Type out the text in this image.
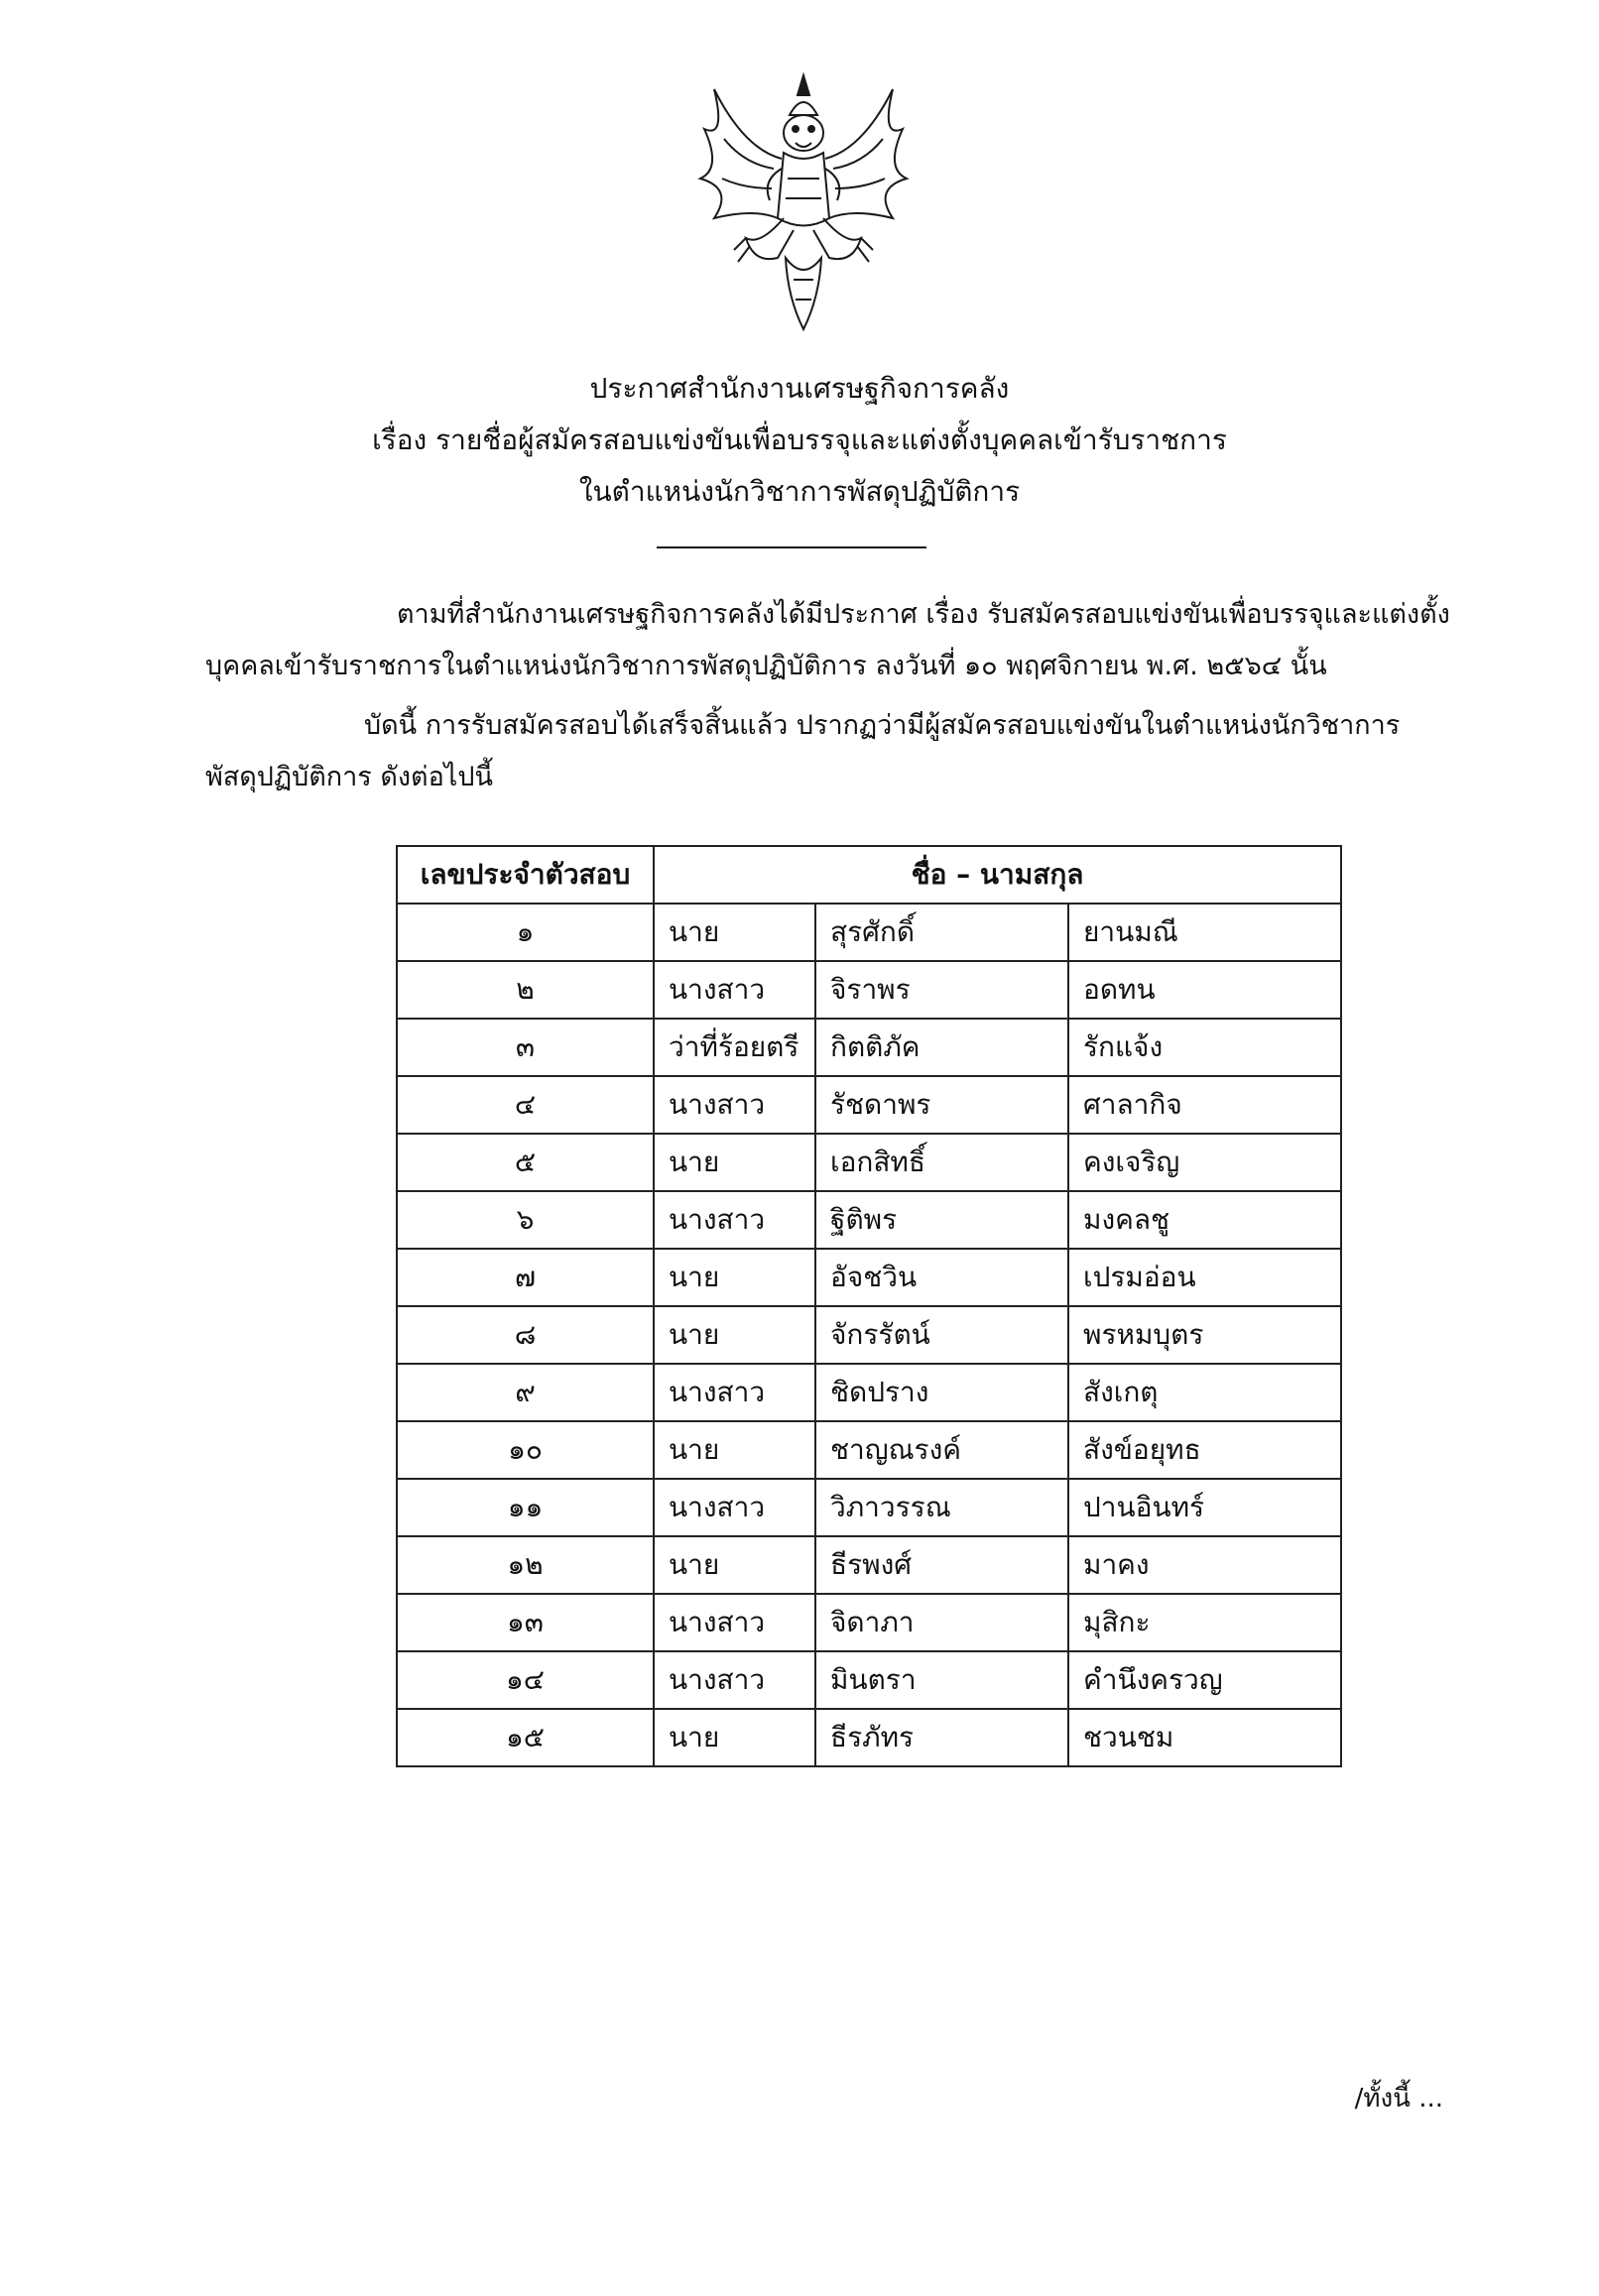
ประกาศสำนักงานเศรษฐกิจการคลัง
เรื่อง รายชื่อผู้สมัครสอบแข่งขันเพื่อบรรจุและแต่งตั้งบุคคลเข้ารับราชการ
ในตำแหน่งนักวิชาการพัสดุปฏิบัติการ
ตามที่สำนักงานเศรษฐกิจการคลังได้มีประกาศ เรื่อง รับสมัครสอบแข่งขันเพื่อบรรจุและแต่งตั้ง
บุคคลเข้ารับราชการในตำแหน่งนักวิชาการพัสดุปฏิบัติการ ลงวันที่ ๑๐ พฤศจิกายน พ.ศ. ๒๕๖๔ นั้น
บัดนี้ การรับสมัครสอบได้เสร็จสิ้นแล้ว ปรากฏว่ามีผู้สมัครสอบแข่งขันในตำแหน่งนักวิชาการ
พัสดุปฏิบัติการ ดังต่อไปนี้
เลขประจำตัวสอบ	ชื่อ – นามสกุล		
๑	นาย	สุรศักดิ์	ยานมณี
๒	นางสาว	จิราพร	อดทน
๓	ว่าที่ร้อยตรี	กิตติภัค	รักแจ้ง
๔	นางสาว	รัชดาพร	ศาลากิจ
๕	นาย	เอกสิทธิ์	คงเจริญ
๖	นางสาว	ฐิติพร	มงคลชู
๗	นาย	อัจชวิน	เปรมอ่อน
๘	นาย	จักรรัตน์	พรหมบุตร
๙	นางสาว	ชิดปราง	สังเกตุ
๑๐	นาย	ชาญณรงค์	สังข์อยุทธ
๑๑	นางสาว	วิภาวรรณ	ปานอินทร์
๑๒	นาย	ธีรพงศ์	มาคง
๑๓	นางสาว	จิดาภา	มุสิกะ
๑๔	นางสาว	มินตรา	คำนึงครวญ
๑๕	นาย	ธีรภัทร	ชวนชม
/ทั้งนี้ ...
